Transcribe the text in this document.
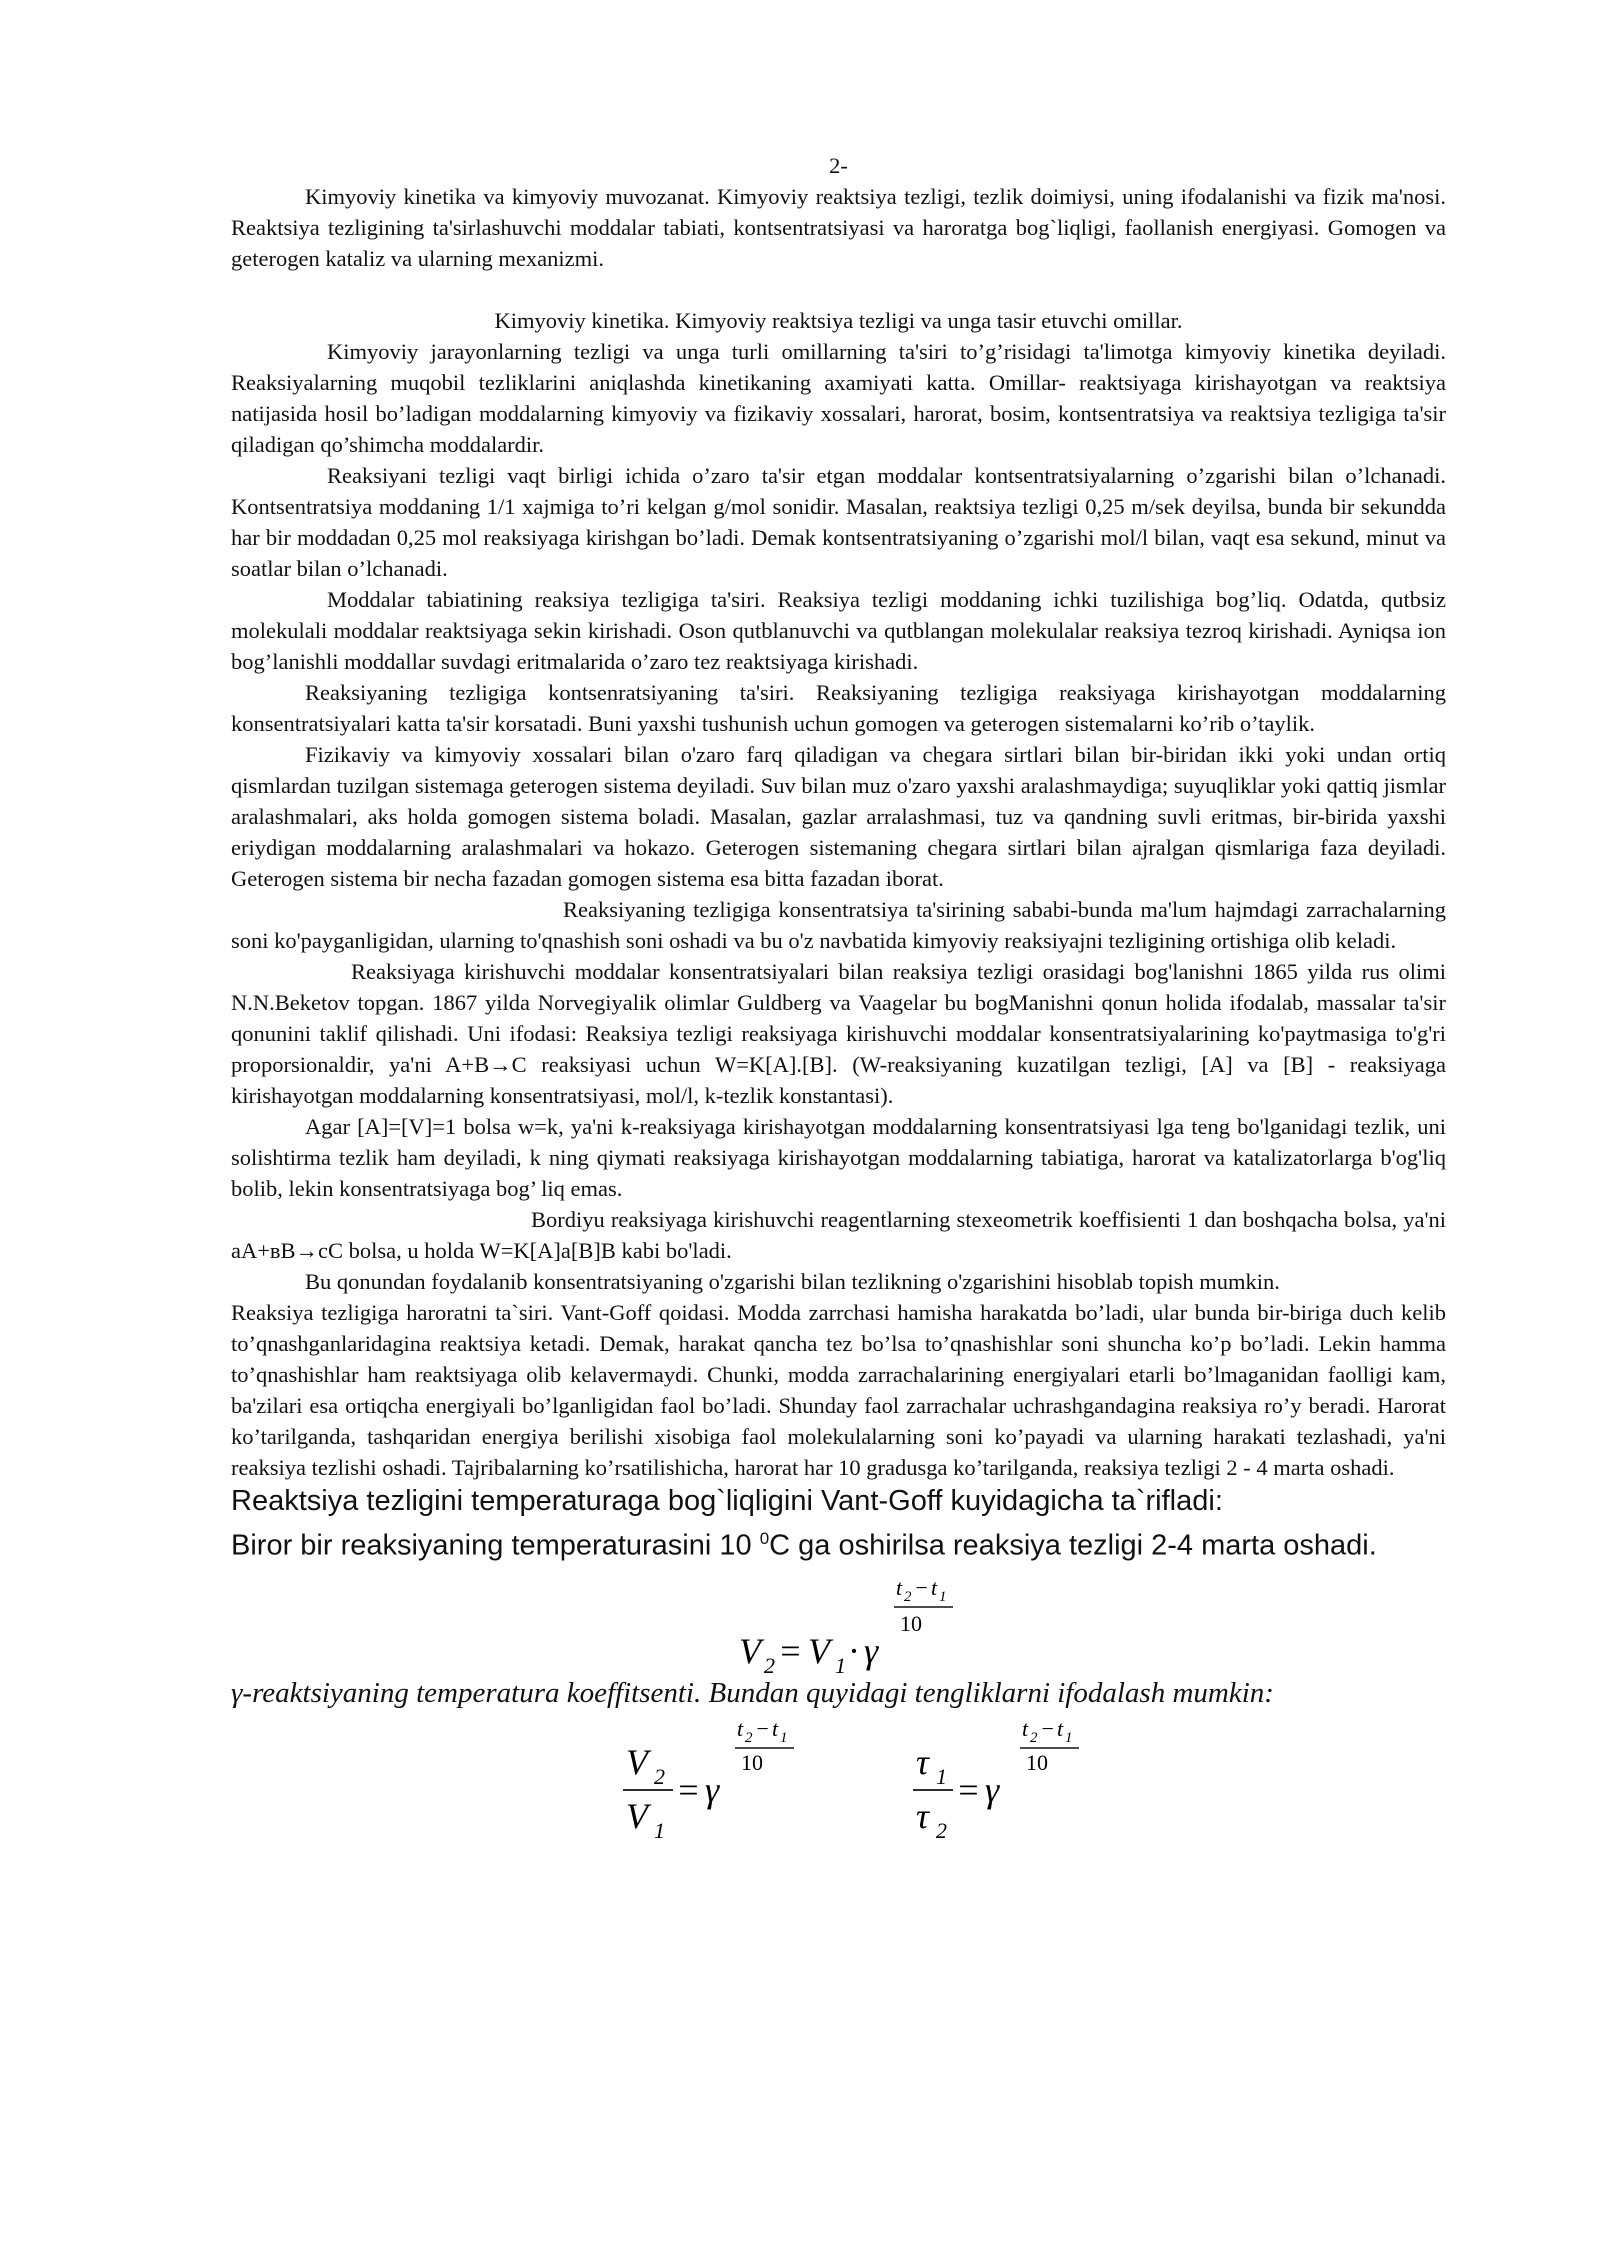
2-

Kimyoviy kinetika va kimyoviy muvozanat. Kimyoviy reaktsiya tezligi, tezlik doimiysi, uning ifodalanishi va fizik ma'nosi. Reaktsiya tezligining ta'sirlashuvchi moddalar tabiati, kontsentratsiyasi va haroratga bog`liqligi, faollanish energiyasi. Gomogen va geterogen kataliz va ularning mexanizmi.

Kimyoviy kinetika. Kimyoviy reaktsiya tezligi va unga tasir etuvchi omillar.

Kimyoviy jarayonlarning tezligi va unga turli omillarning ta'siri to’g’risidagi ta'limotga kimyoviy kinetika deyiladi. Reaksiyalarning muqobil tezliklarini aniqlashda kinetikaning axamiyati katta. Omillar- reaktsiyaga kirishayotgan va reaktsiya natijasida hosil bo’ladigan moddalarning kimyoviy va fizikaviy xossalari, harorat, bosim, kontsentratsiya va reaktsiya tezligiga ta'sir qiladigan qo’shimcha moddalardir.

Reaksiyani tezligi vaqt birligi ichida o’zaro ta'sir etgan moddalar kontsentratsiyalarning o’zgarishi bilan o’lchanadi. Kontsentratsiya moddaning 1/1 xajmiga to’ri kelgan g/mol sonidir. Masalan, reaktsiya tezligi 0,25 m/sek deyilsa, bunda bir sekundda har bir moddadan 0,25 mol reaksiyaga kirishgan bo’ladi. Demak kontsentratsiyaning o’zgarishi mol/l bilan, vaqt esa sekund, minut va soatlar bilan o’lchanadi.

Moddalar tabiatining reaksiya tezligiga ta'siri. Reaksiya tezligi moddaning ichki tuzilishiga bog’liq. Odatda, qutbsiz molekulali moddalar reaktsiyaga sekin kirishadi. Oson qutblanuvchi va qutblangan molekulalar reaksiya tezroq kirishadi. Ayniqsa ion bog’lanishli moddallar suvdagi eritmalarida o’zaro tez reaktsiyaga kirishadi.

Reaksiyaning tezligiga kontsenratsiyaning ta'siri. Reaksiyaning tezligiga reaksiyaga kirishayotgan moddalarning konsentratsiyalari katta ta'sir korsatadi. Buni yaxshi tushunish uchun gomogen va geterogen sistemalarni ko’rib o’taylik.

Fizikaviy va kimyoviy xossalari bilan o'zaro farq qiladigan va chegara sirtlari bilan bir-biridan ikki yoki undan ortiq qismlardan tuzilgan sistemaga geterogen sistema deyiladi. Suv bilan muz o'zaro yaxshi aralashmaydiga; suyuqliklar yoki qattiq jismlar aralashmalari, aks holda gomogen sistema boladi. Masalan, gazlar arralashmasi, tuz va qandning suvli eritmas, bir-birida yaxshi eriydigan moddalarning aralashmalari va hokazo. Geterogen sistemaning chegara sirtlari bilan ajralgan qismlariga faza deyiladi. Geterogen sistema bir necha fazadan gomogen sistema esa bitta fazadan iborat.

Reaksiyaning tezligiga konsentratsiya ta'sirining sababi-bunda ma'lum hajmdagi zarrachalarning soni ko'payganligidan, ularning to'qnashish soni oshadi va bu o'z navbatida kimyoviy reaksiyajni tezligining ortishiga olib keladi.

Reaksiyaga kirishuvchi moddalar konsentratsiyalari bilan reaksiya tezligi orasidagi bog'lanishni 1865 yilda rus olimi N.N.Beketov topgan. 1867 yilda Norvegiyalik olimlar Guldberg va Vaagelar bu bogManishni qonun holida ifodalab, massalar ta'sir qonunini taklif qilishadi. Uni ifodasi: Reaksiya tezligi reaksiyaga kirishuvchi moddalar konsentratsiyalarining ko'paytmasiga to'g'ri proporsionaldir, ya'ni A+B→C reaksiyasi uchun W=K[A].[B]. (W-reaksiyaning kuzatilgan tezligi, [A] va [B] - reaksiyaga kirishayotgan moddalarning konsentratsiyasi, mol/l, k-tezlik konstantasi).

Agar [A]=[V]=1 bolsa w=k, ya'ni k-reaksiyaga kirishayotgan moddalarning konsentratsiyasi lga teng bo'lganidagi tezlik, uni solishtirma tezlik ham deyiladi, k ning qiymati reaksiyaga kirishayotgan moddalarning tabiatiga, harorat va katalizatorlarga b'og'liq bolib, lekin konsentratsiyaga bog’ liq emas.

Bordiyu reaksiyaga kirishuvchi reagentlarning stexeometrik koeffisienti 1 dan boshqacha bolsa, ya'ni aA+вB→cC bolsa, u holda W=K[A]a[B]B kabi bo'ladi.

Bu qonundan foydalanib konsentratsiyaning o'zgarishi bilan tezlikning o'zgarishini hisoblab topish mumkin.

Reaksiya tezligiga haroratni ta`siri. Vant-Goff qoidasi. Modda zarrchasi hamisha harakatda bo’ladi, ular bunda bir-biriga duch kelib to’qnashganlaridagina reaktsiya ketadi. Demak, harakat qancha tez bo’lsa to’qnashishlar soni shuncha ko’p bo’ladi. Lekin hamma to’qnashishlar ham reaktsiyaga olib kelavermaydi. Chunki, modda zarrachalarining energiyalari etarli bo’lmaganidan faolligi kam, ba'zilari esa ortiqcha energiyali bo’lganligidan faol bo’ladi. Shunday faol zarrachalar uchrashgandagina reaksiya ro’y beradi. Harorat ko’tarilganda, tashqaridan energiya berilishi xisobiga faol molekulalarning soni ko’payadi va ularning harakati tezlashadi, ya'ni reaksiya tezlishi oshadi. Tajribalarning ko’rsatilishicha, harorat har 10 gradusga ko’tarilganda, reaksiya tezligi 2 - 4 marta oshadi.

Reaktsiya tezligini temperaturaga bog`liqligini Vant-Goff kuyidagicha ta`rifladi:

Biror bir reaksiyaning temperaturasini 10 $^0$C ga oshirilsa reaksiya tezligi 2-4 marta oshadi.

V 2 = V 1 · γ
t 2 − t 1
10

γ-reaktsiyaning temperatura koeffitsenti. Bundan quyidagi tengliklarni ifodalash mumkin:

V 2
V 1
= γ
t 2 − t 1
10	τ 1
τ 2
= γ
t 2 − t 1
10
